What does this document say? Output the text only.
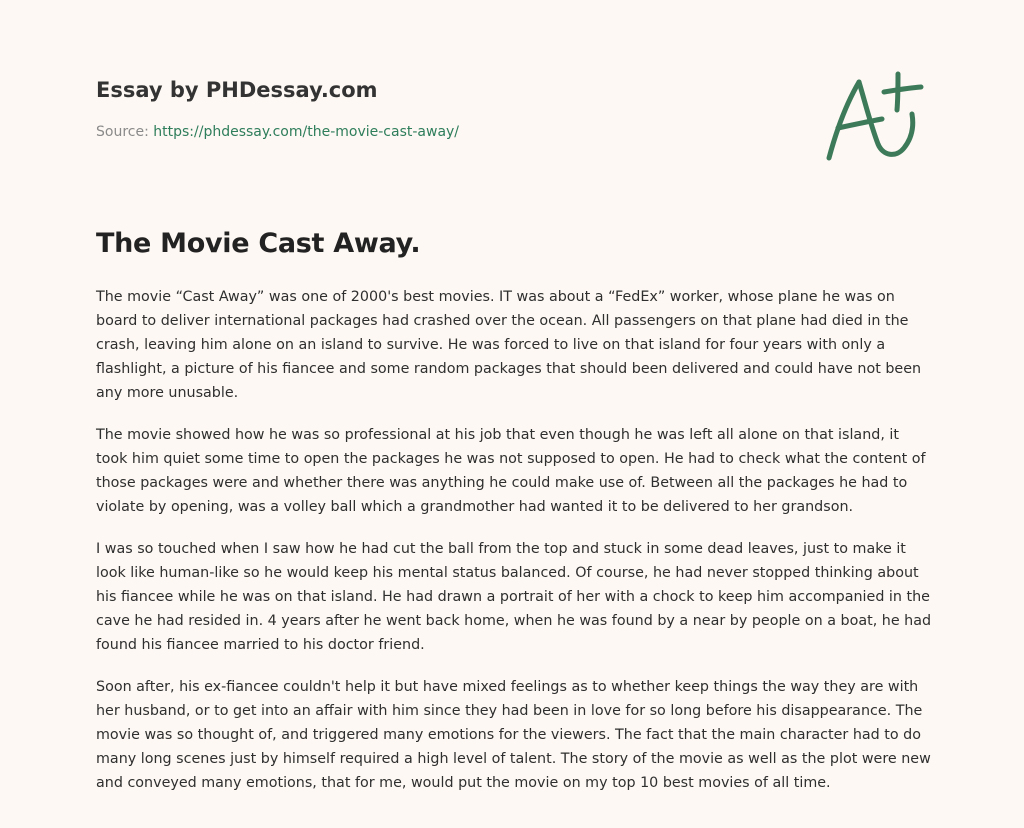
Essay by PHDessay.com
Source: https://phdessay.com/the-movie-cast-away/
The Movie Cast Away.

The movie “Cast Away” was one of 2000's best movies. IT was about a “FedEx” worker, whose plane he was on board to deliver international packages had crashed over the ocean. All passengers on that plane had died in the crash, leaving him alone on an island to survive. He was forced to live on that island for four years with only a flashlight, a picture of his fiancee and some random packages that should been delivered and could have not been any more unusable.

The movie showed how he was so professional at his job that even though he was left all alone on that island, it took him quiet some time to open the packages he was not supposed to open. He had to check what the content of those packages were and whether there was anything he could make use of. Between all the packages he had to violate by opening, was a volley ball which a grandmother had wanted it to be delivered to her grandson.

I was so touched when I saw how he had cut the ball from the top and stuck in some dead leaves, just to make it look like human-like so he would keep his mental status balanced. Of course, he had never stopped thinking about his fiancee while he was on that island. He had drawn a portrait of her with a chock to keep him accompanied in the cave he had resided in. 4 years after he went back home, when he was found by a near by people on a boat, he had found his fiancee married to his doctor friend.

Soon after, his ex-fiancee couldn't help it but have mixed feelings as to whether keep things the way they are with her husband, or to get into an affair with him since they had been in love for so long before his disappearance. The movie was so thought of, and triggered many emotions for the viewers. The fact that the main character had to do many long scenes just by himself required a high level of talent. The story of the movie as well as the plot were new and conveyed many emotions, that for me, would put the movie on my top 10 best movies of all time.
